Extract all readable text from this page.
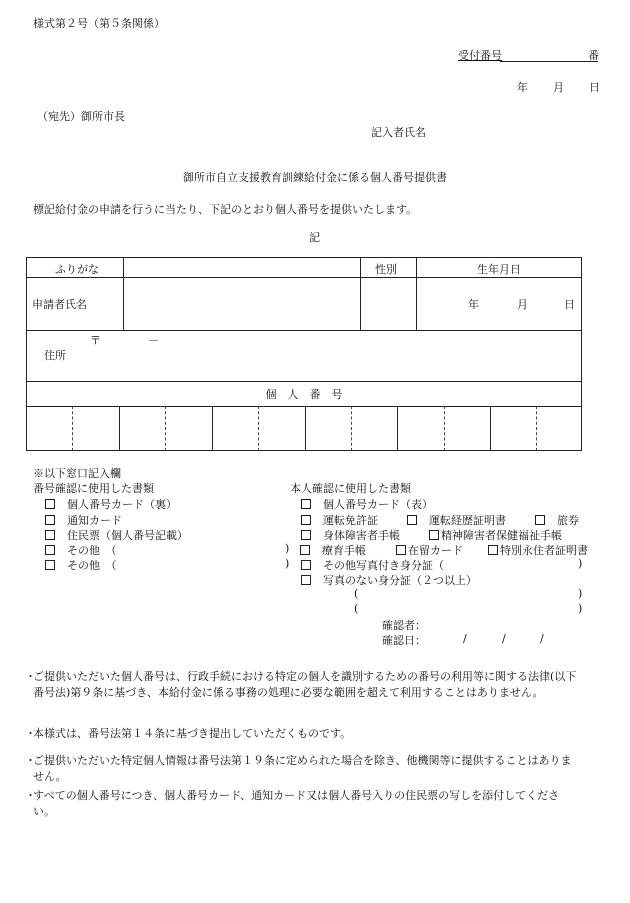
様式第２号（第５条関係）
受付番号	番
年 月 日
（宛先）御所市長
記入者氏名
御所市自立支援教育訓練給付金に係る個人番号提供書
標記給付金の申請を行うに当たり、下記のとおり個人番号を提供いたします。
記
ふりがな	性別	生年月日
申請者氏名	年	月	日
〒	－
住所
個　人　番　号
※以下窓口記入欄
番号確認に使用した書類
個人番号カード（裏）
通知カード
住民票（個人番号記載）
その他　（	)
その他　（	)
本人確認に使用した書類
個人番号カード（表）
運転免許証	運転経歴証明書	旅券
身体障害者手帳	精神障害者保健福祉手帳
療育手帳	在留カード	特別永住者証明書
その他写真付き身分証（	)
写真のない身分証（２つ以上）
(	)
(	)
確認者：
確認日：	/	/	/
・
ご提供いただいた個人番号は、行政手続における特定の個人を識別するための番号の利用等に関する法律(以下番号法)第９条に基づき、本給付金に係る事務の処理に必要な範囲を超えて利用することはありません。
・
本様式は、番号法第１４条に基づき提出していただくものです。
・
ご提供いただいた特定個人情報は番号法第１９条に定められた場合を除き、他機関等に提供することはありません。
・
すべての個人番号につき、個人番号カード、通知カード又は個人番号入りの住民票の写しを添付してください。
